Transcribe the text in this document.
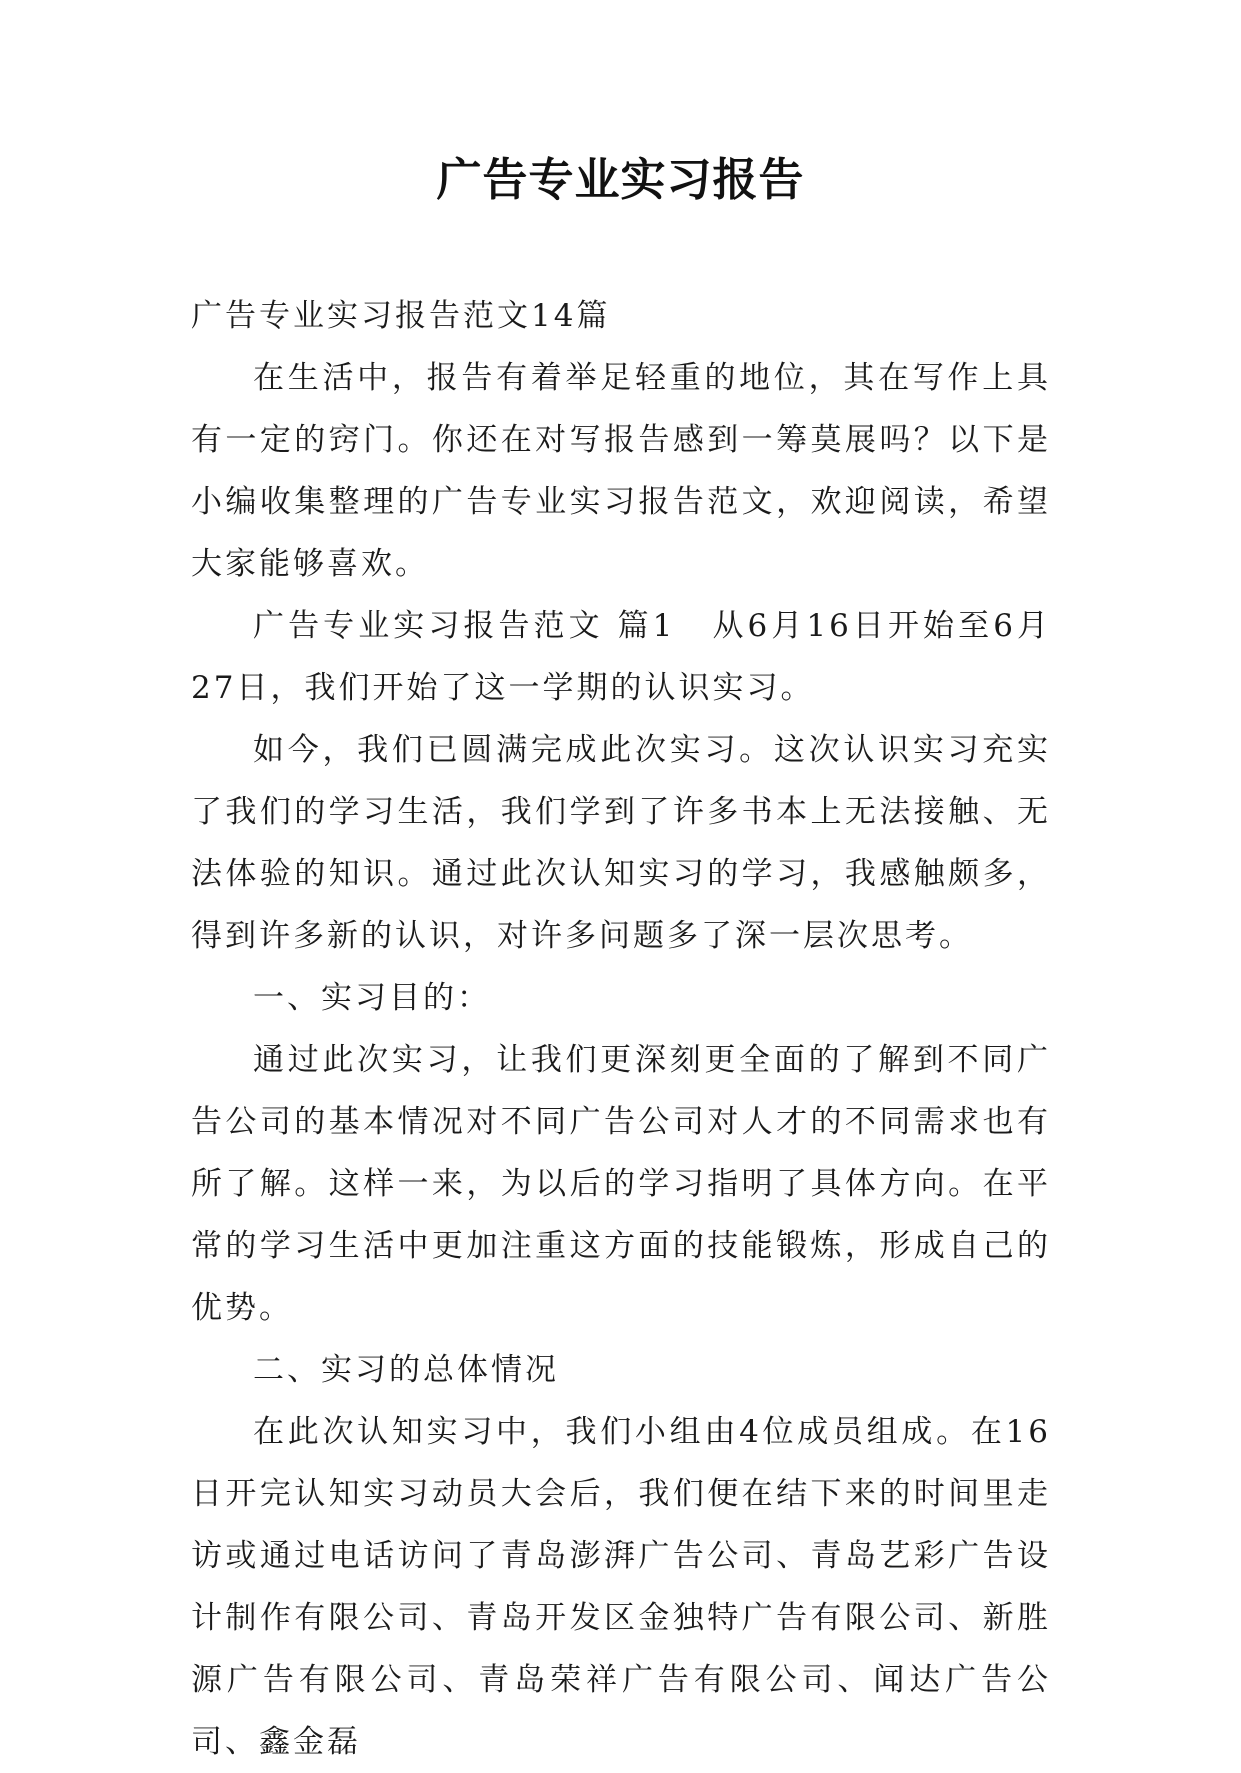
广告专业实习报告

广告专业实习报告范文14篇

在生活中，报告有着举足轻重的地位，其在写作上具有一定的窍门。你还在对写报告感到一筹莫展吗？以下是小编收集整理的广告专业实习报告范文，欢迎阅读，希望大家能够喜欢。

广告专业实习报告范文 篇1 从6月16日开始至6月27日，我们开始了这一学期的认识实习。

如今，我们已圆满完成此次实习。这次认识实习充实了我们的学习生活，我们学到了许多书本上无法接触、无法体验的知识。通过此次认知实习的学习，我感触颇多，得到许多新的认识，对许多问题多了深一层次思考。

一、实习目的：

通过此次实习，让我们更深刻更全面的了解到不同广告公司的基本情况对不同广告公司对人才的不同需求也有所了解。这样一来，为以后的学习指明了具体方向。在平常的学习生活中更加注重这方面的技能锻炼，形成自己的优势。

二、实习的总体情况

在此次认知实习中，我们小组由4位成员组成。在16日开完认知实习动员大会后，我们便在结下来的时间里走访或通过电话访问了青岛澎湃广告公司、青岛艺彩广告设计制作有限公司、青岛开发区金独特广告有限公司、新胜源广告有限公司、青岛荣祥广告有限公司、闻达广告公司、鑫金磊
